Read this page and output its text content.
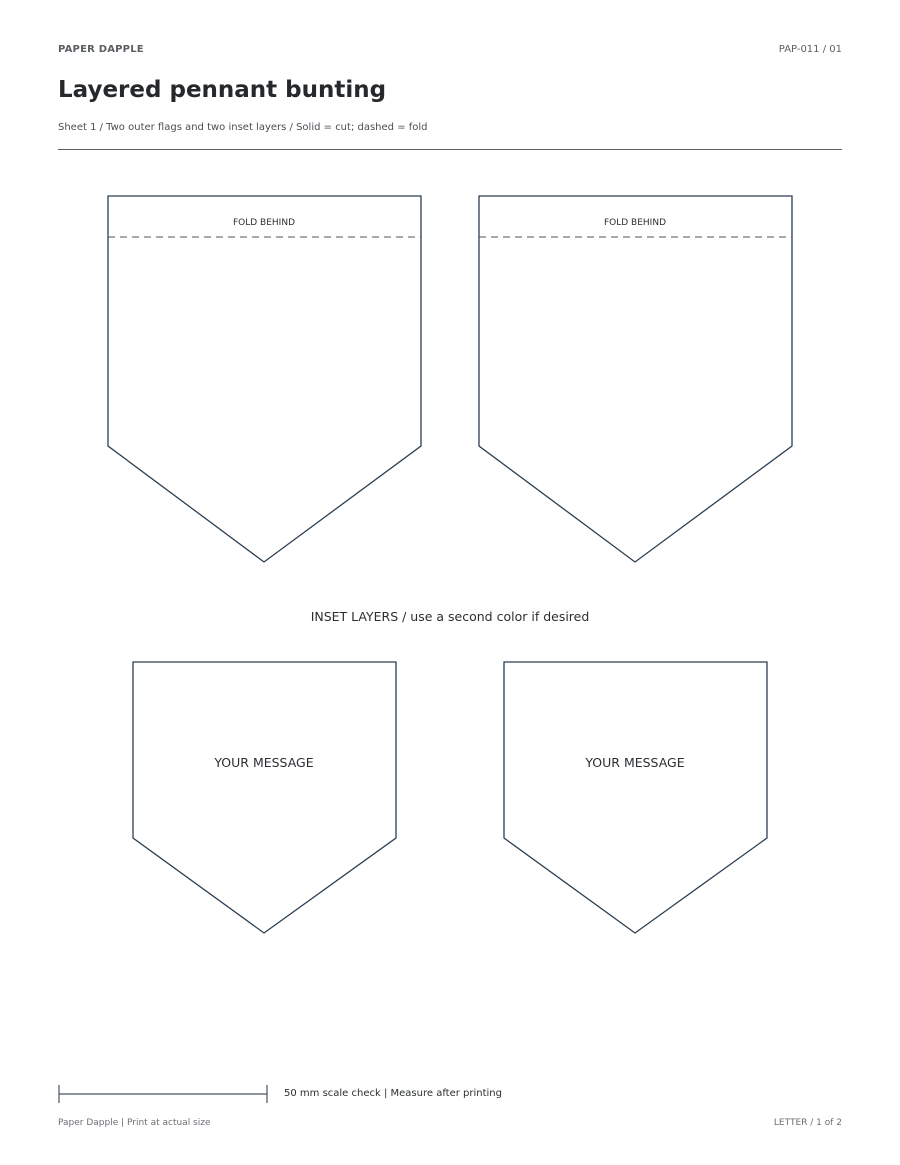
PAPER DAPPLE	PAP-011 / 01
Layered pennant bunting
Sheet 1 / Two outer flags and two inset layers / Solid = cut; dashed = fold
FOLD BEHIND	FOLD BEHIND
INSET LAYERS / use a second color if desired
YOUR MESSAGE	YOUR MESSAGE
50 mm scale check | Measure after printing
Paper Dapple | Print at actual size	LETTER / 1 of 2
